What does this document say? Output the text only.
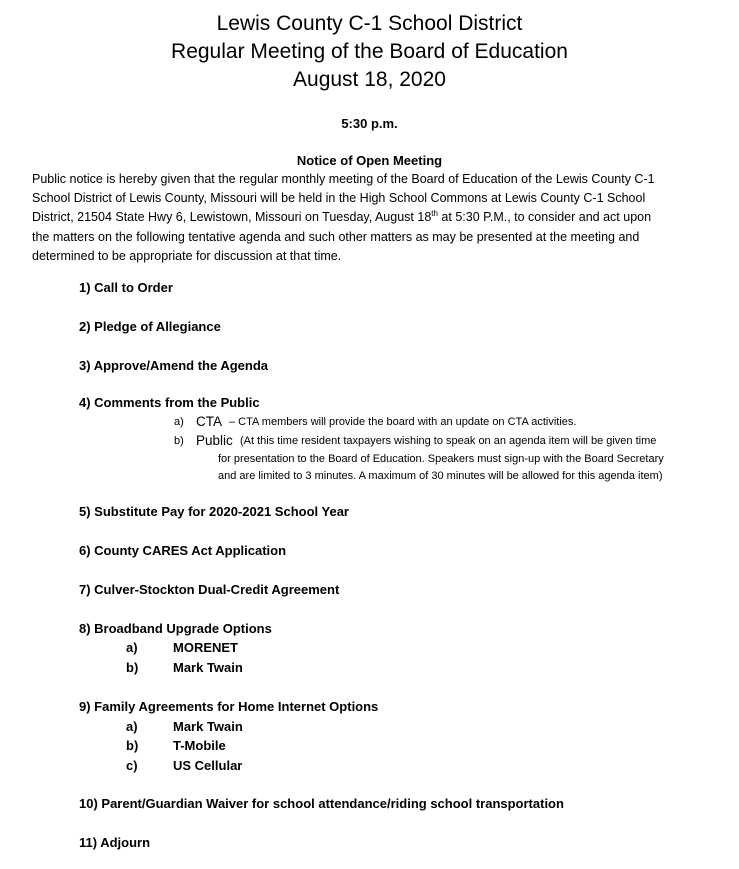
Lewis County C-1 School District
Regular Meeting of the Board of Education
August 18, 2020
5:30 p.m.
Notice of Open Meeting
Public notice is hereby given that the regular monthly meeting of the Board of Education of the Lewis County C-1
School District of Lewis County, Missouri will be held in the High School Commons at Lewis County C-1 School
District, 21504 State Hwy 6, Lewistown, Missouri on Tuesday, August 18th at 5:30 P.M., to consider and act upon
the matters on the following tentative agenda and such other matters as may be presented at the meeting and
determined to be appropriate for discussion at that time.
1) Call to Order
2) Pledge of Allegiance
3) Approve/Amend the Agenda
4) Comments from the Public
a) CTA – CTA members will provide the board with an update on CTA activities.
b) Public (At this time resident taxpayers wishing to speak on an agenda item will be given time
for presentation to the Board of Education. Speakers must sign-up with the Board Secretary
and are limited to 3 minutes. A maximum of 30 minutes will be allowed for this agenda item)
5) Substitute Pay for 2020-2021 School Year
6) County CARES Act Application
7) Culver-Stockton Dual-Credit Agreement
8) Broadband Upgrade Options
a)	MORENET
b)	Mark Twain
9) Family Agreements for Home Internet Options
a)	Mark Twain
b)	T-Mobile
c)	US Cellular
10) Parent/Guardian Waiver for school attendance/riding school transportation
11) Adjourn
